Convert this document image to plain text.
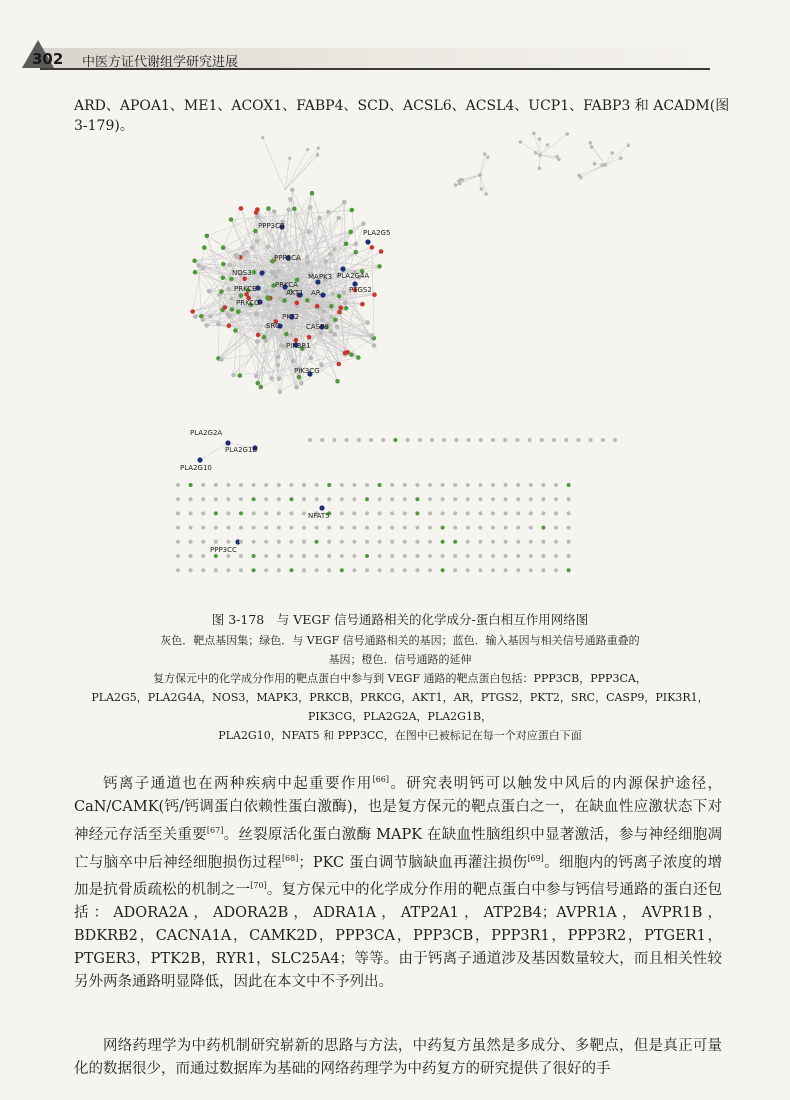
302 中医方证代谢组学研究进展
ARD、APOA1、ME1、ACOX1、FABP4、SCD、ACSL6、ACSL4、UCP1、FABP3 和 ACADM(图 3-179)。
PPP3CB
PLA2G5
PPP3CA
PLA2G4A
MAPK3
NOS3
PRKCB	PRKCA
PTGS2
AKT1 AR
PRKCG
PKT2
SRC	CASP9
PIK3R1
PIK3CG
PLA2G2A
PLA2G1B
PLA2G10
NFAT5
PPP3CC
图 3-178　与 VEGF 信号通路相关的化学成分-蛋白相互作用网络图
灰色．靶点基因集；绿色．与 VEGF 信号通路相关的基因；蓝色．输入基因与相关信号通路重叠的
基因；橙色．信号通路的延伸
复方保元中的化学成分作用的靶点蛋白中参与到 VEGF 通路的靶点蛋白包括：PPP3CB，PPP3CA，
PLA2G5，PLA2G4A，NOS3，MAPK3，PRKCB，PRKCG，AKT1，AR，PTGS2，PKT2，SRC，CASP9，PIK3R1，
PIK3CG，PLA2G2A，PLA2G1B，
PLA2G10，NFAT5 和 PPP3CC，在图中已被标记在每一个对应蛋白下面

钙离子通道也在两种疾病中起重要作用[66]。研究表明钙可以触发中风后的内源保护途径，CaN/CAMK(钙/钙调蛋白依赖性蛋白激酶)，也是复方保元的靶点蛋白之一，在缺血性应激状态下对神经元存活至关重要[67]。丝裂原活化蛋白激酶 MAPK 在缺血性脑组织中显著激活，参与神经细胞凋亡与脑卒中后神经细胞损伤过程[68]；PKC 蛋白调节脑缺血再灌注损伤[69]。细胞内的钙离子浓度的增加是抗骨质疏松的机制之一[70]。复方保元中的化学成分作用的靶点蛋白中参与钙信号通路的蛋白还包括：ADORA2A，ADORA2B，ADRA1A，ATP2A1，ATP2B4；AVPR1A，AVPR1B，BDKRB2，CACNA1A，CAMK2D，PPP3CA，PPP3CB，PPP3R1，PPP3R2，PTGER1，PTGER3，PTK2B，RYR1，SLC25A4；等等。由于钙离子通道涉及基因数量较大，而且相关性较另外两条通路明显降低，因此在本文中不予列出。

网络药理学为中药机制研究崭新的思路与方法，中药复方虽然是多成分、多靶点，但是真正可量化的数据很少，而通过数据库为基础的网络药理学为中药复方的研究提供了很好的手
